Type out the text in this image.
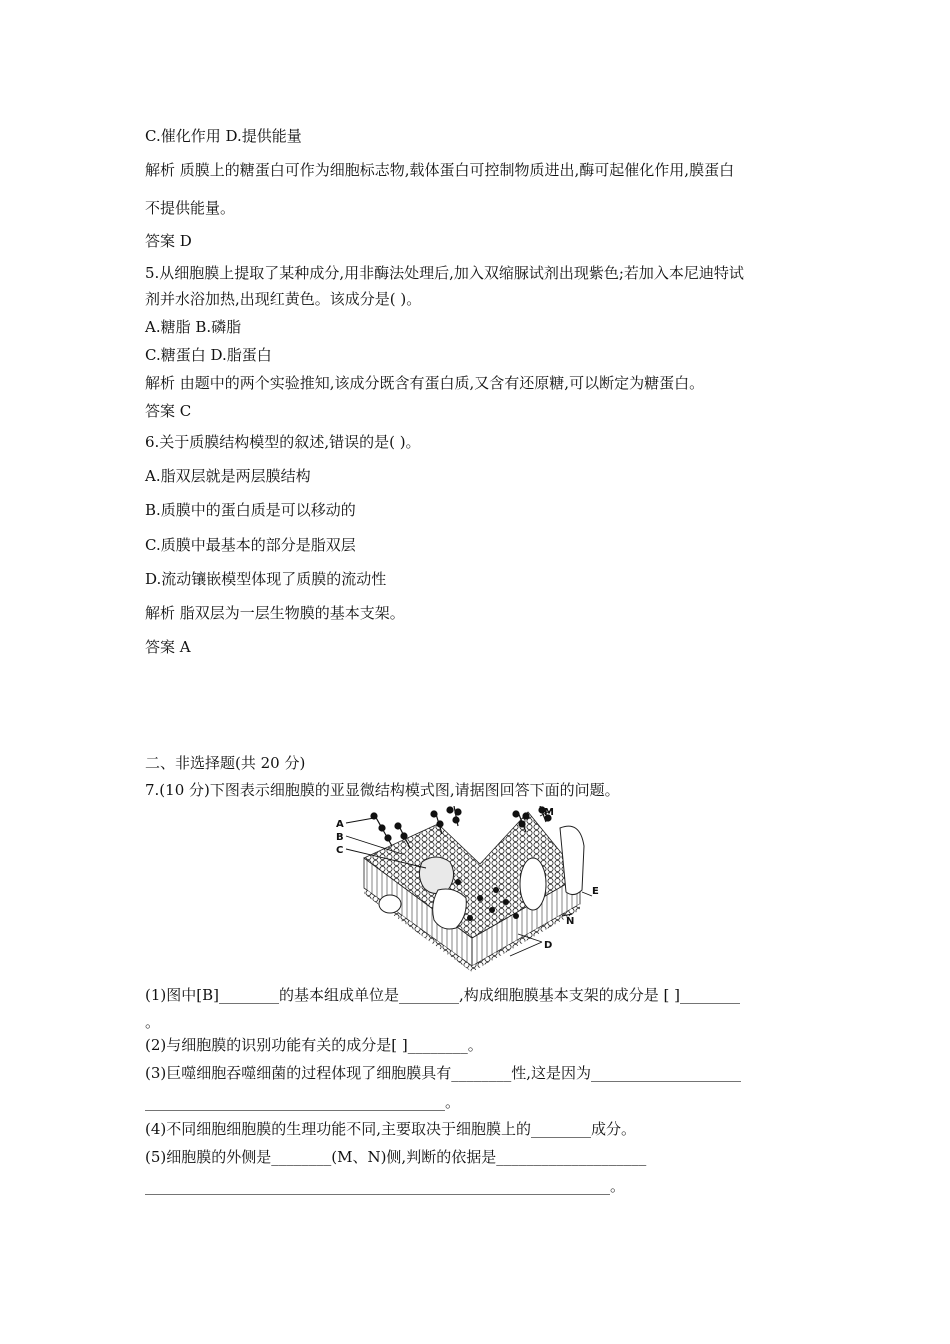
C.催化作用 D.提供能量
解析 质膜上的糖蛋白可作为细胞标志物,载体蛋白可控制物质进出,酶可起催化作用,膜蛋白
不提供能量。
答案 D
5.从细胞膜上提取了某种成分,用非酶法处理后,加入双缩脲试剂出现紫色;若加入本尼迪特试
剂并水浴加热,出现红黄色。该成分是( )。
A.糖脂 B.磷脂
C.糖蛋白 D.脂蛋白
解析 由题中的两个实验推知,该成分既含有蛋白质,又含有还原糖,可以断定为糖蛋白。
答案 C
6.关于质膜结构模型的叙述,错误的是( )。
A.脂双层就是两层膜结构
B.质膜中的蛋白质是可以移动的
C.质膜中最基本的部分是脂双层
D.流动镶嵌模型体现了质膜的流动性
解析 脂双层为一层生物膜的基本支架。
答案 A
二、非选择题(共 20 分)
7.(10 分)下图表示细胞膜的亚显微结构模式图,请据图回答下面的问题。
A
B
C
M
E
N
D
(1)图中[B]________的基本组成单位是________,构成细胞膜基本支架的成分是 [ ]________
。
(2)与细胞膜的识别功能有关的成分是[ ]________。
(3)巨噬细胞吞噬细菌的过程体现了细胞膜具有________性,这是因为____________________
________________________________________。
(4)不同细胞细胞膜的生理功能不同,主要取决于细胞膜上的________成分。
(5)细胞膜的外侧是________(M、N)侧,判断的依据是____________________
______________________________________________________________。
